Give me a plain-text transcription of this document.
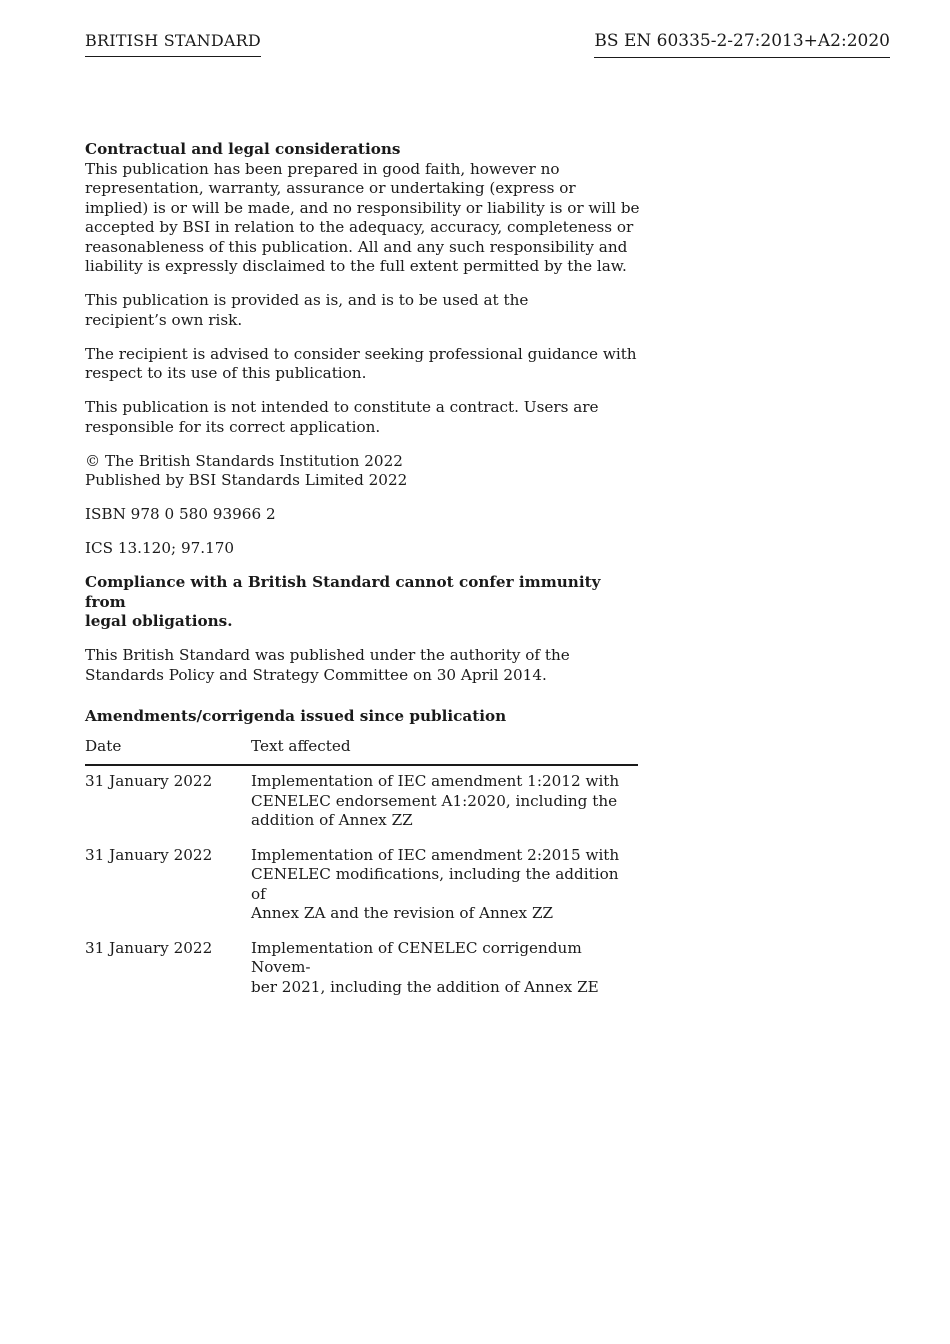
BRITISH STANDARD	BS EN 60335-2-27:2013+A2:2020

Contractual and legal considerations
This publication has been prepared in good faith, however no
representation, warranty, assurance or undertaking (express or
implied) is or will be made, and no responsibility or liability is or will be
accepted by BSI in relation to the adequacy, accuracy, completeness or
reasonableness of this publication. All and any such responsibility and
liability is expressly disclaimed to the full extent permitted by the law.

This publication is provided as is, and is to be used at the
recipient’s own risk.

The recipient is advised to consider seeking professional guidance with
respect to its use of this publication.

This publication is not intended to constitute a contract. Users are
responsible for its correct application.

© The British Standards Institution 2022
Published by BSI Standards Limited 2022

ISBN 978 0 580 93966 2

ICS 13.120; 97.170

Compliance with a British Standard cannot confer immunity from
legal obligations.

This British Standard was published under the authority of the
Standards Policy and Strategy Committee on 30 April 2014.

Amendments/corrigenda issued since publication
Date	Text affected
31 January 2022	Implementation of IEC amendment 1:2012 with
CENELEC endorsement A1:2020, including the
addition of Annex ZZ

31 January 2022	Implementation of IEC amendment 2:2015 with
CENELEC modifications, including the addition of
Annex ZA and the revision of Annex ZZ

31 January 2022	Implementation of CENELEC corrigendum Novem-
ber 2021, including the addition of Annex ZE
